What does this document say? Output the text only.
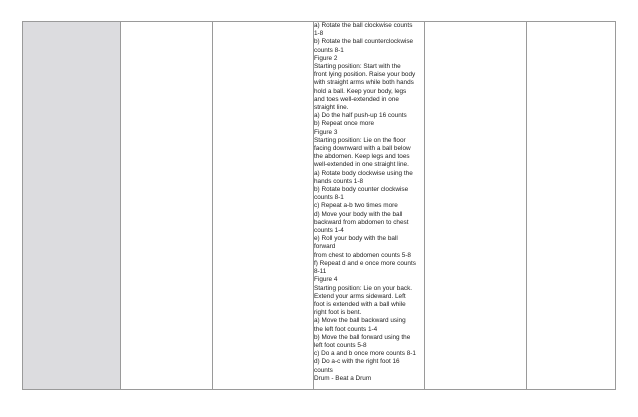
a) Rotate the ball clockwise counts
1-8
b) Rotate the ball counterclockwise
counts 8-1
Figure 2
Starting position: Start with the
front lying position. Raise your body
with straight arms while both hands
hold a ball. Keep your body, legs
and toes well-extended in one
straight line.
a) Do the half push-up 16 counts
b) Repeat once more
Figure 3
Starting position: Lie on the floor
facing downward with a ball below
the abdomen. Keep legs and toes
well-extended in one straight line.
a) Rotate body clockwise using the
hands counts 1-8
b) Rotate body counter clockwise
counts 8-1
c) Repeat a-b two times more
d) Move your body with the ball
backward from abdomen to chest
counts 1-4
e) Roll your body with the ball
forward
from chest to abdomen counts 5-8
f) Repeat d and e once more counts
8-11
Figure 4
Starting position: Lie on your back.
Extend your arms sideward. Left
foot is extended with a ball while
right foot is bent.
a) Move the ball backward using
the left foot counts 1-4
b) Move the ball forward using the
left foot counts 5-8
c) Do a and b once more counts 8-1
d) Do a-c with the right foot 16
counts
Drum - Beat a Drum
